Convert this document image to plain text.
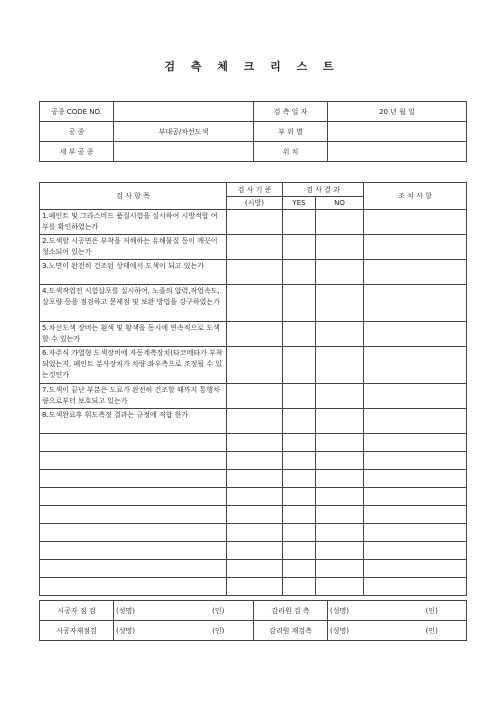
검 측 체 크 리 스 트
공종 CODE NO.		검 측 일 자	20 년 월 일
공 종	부대공/차선도색	부 위 별	
세 부 공 종		위 치	
검 사 항 목	검 사 기 준	검 사 결 과		조 치 사 항
	(시방)	YES	NO	
1.페인트 및 그라스비드 품질시험을 실시하여 시방적합 여부를 확인하였는가				
2.도색할 시공면은 부착을 저해하는 유해물질 등이 깨끗이 청소되어 있는가				
3.노면이 완전히 건조된 상태에서 도색이 되고 있는가				
4.도색작업전 시험살포를 실시하여, 노즐의 압력,작업속도, 살포량 등을 점검하고 문제점 및 보완 방법을 강구하였는가				
5.차선도색 장비는 흰색 및 황색을 동시에 연속적으로 도색할 수 있는가				
6.자주식 가열형 도색장비에 자동계측장치(타코메타가 부착되었는지, 페인트 분사장치가 차량 좌우측으로 조정될 수 있는것인가				
7.도색이 끝난 부분은 도료가 완전히 건조할 때까지 통행차량으로부터 보호되고 있는가				
8.도색완료후 휘도측정 결과는 규정에 적합 한가				

시공자 점 검	(성명)	(인)	감리원 검 측	(성명)	(인)
시공자재점검	(성명)	(인)	감리원 재검측	(성명)	(인)
